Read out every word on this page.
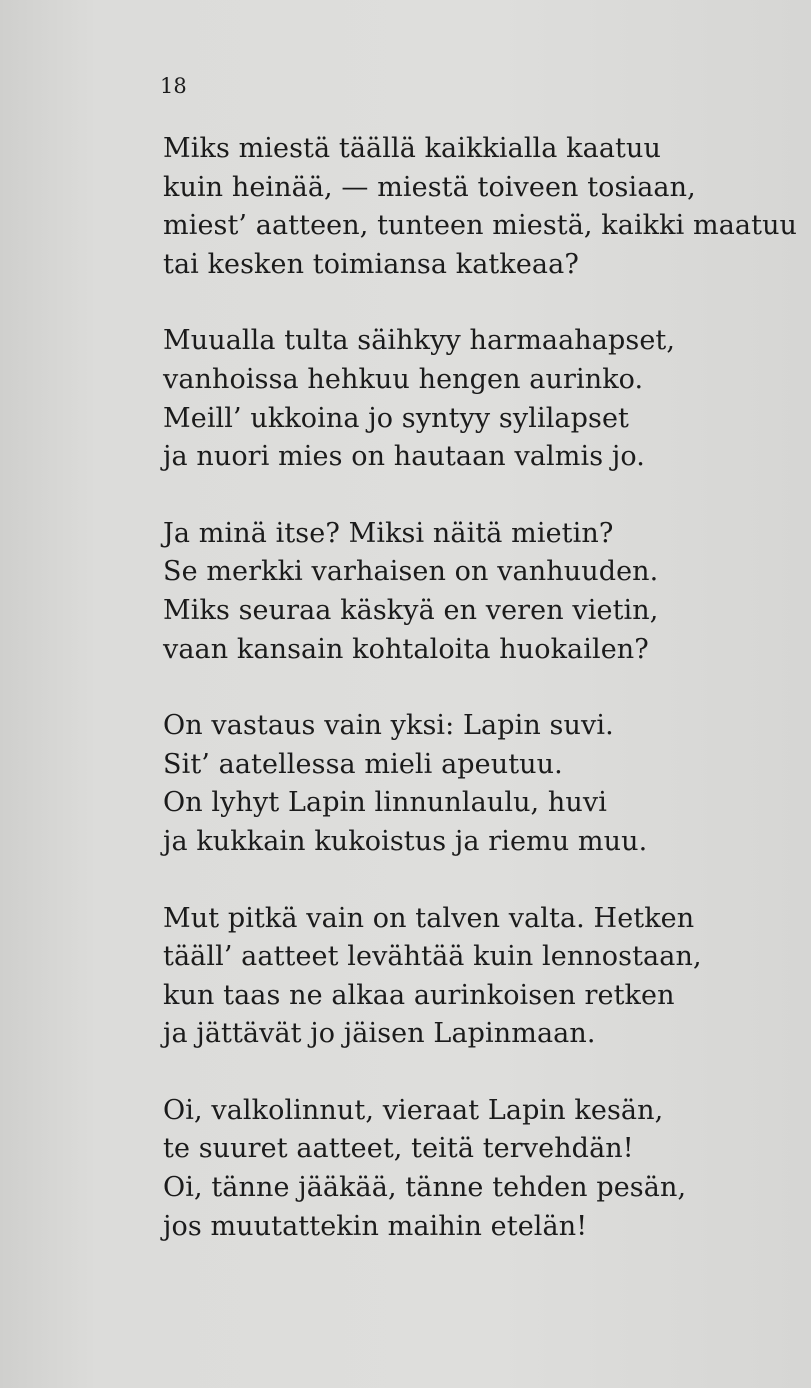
18
Miks miestä täällä kaikkialla kaatuu
kuin heinää, — miestä toiveen tosiaan,
miest’ aatteen, tunteen miestä, kaikki maatuu
tai kesken toimiansa katkeaa?
Muualla tulta säihkyy harmaahapset,
vanhoissa hehkuu hengen aurinko.
Meill’ ukkoina jo syntyy sylilapset
ja nuori mies on hautaan valmis jo.
Ja minä itse? Miksi näitä mietin?
Se merkki varhaisen on vanhuuden.
Miks seuraa käskyä en veren vietin,
vaan kansain kohtaloita huokailen?
On vastaus vain yksi: Lapin suvi.
Sit’ aatellessa mieli apeutuu.
On lyhyt Lapin linnunlaulu, huvi
ja kukkain kukoistus ja riemu muu.
Mut pitkä vain on talven valta. Hetken
tääll’ aatteet levähtää kuin lennostaan,
kun taas ne alkaa aurinkoisen retken
ja jättävät jo jäisen Lapinmaan.
Oi, valkolinnut, vieraat Lapin kesän,
te suuret aatteet, teitä tervehdän!
Oi, tänne jääkää, tänne tehden pesän,
jos muutattekin maihin etelän!
